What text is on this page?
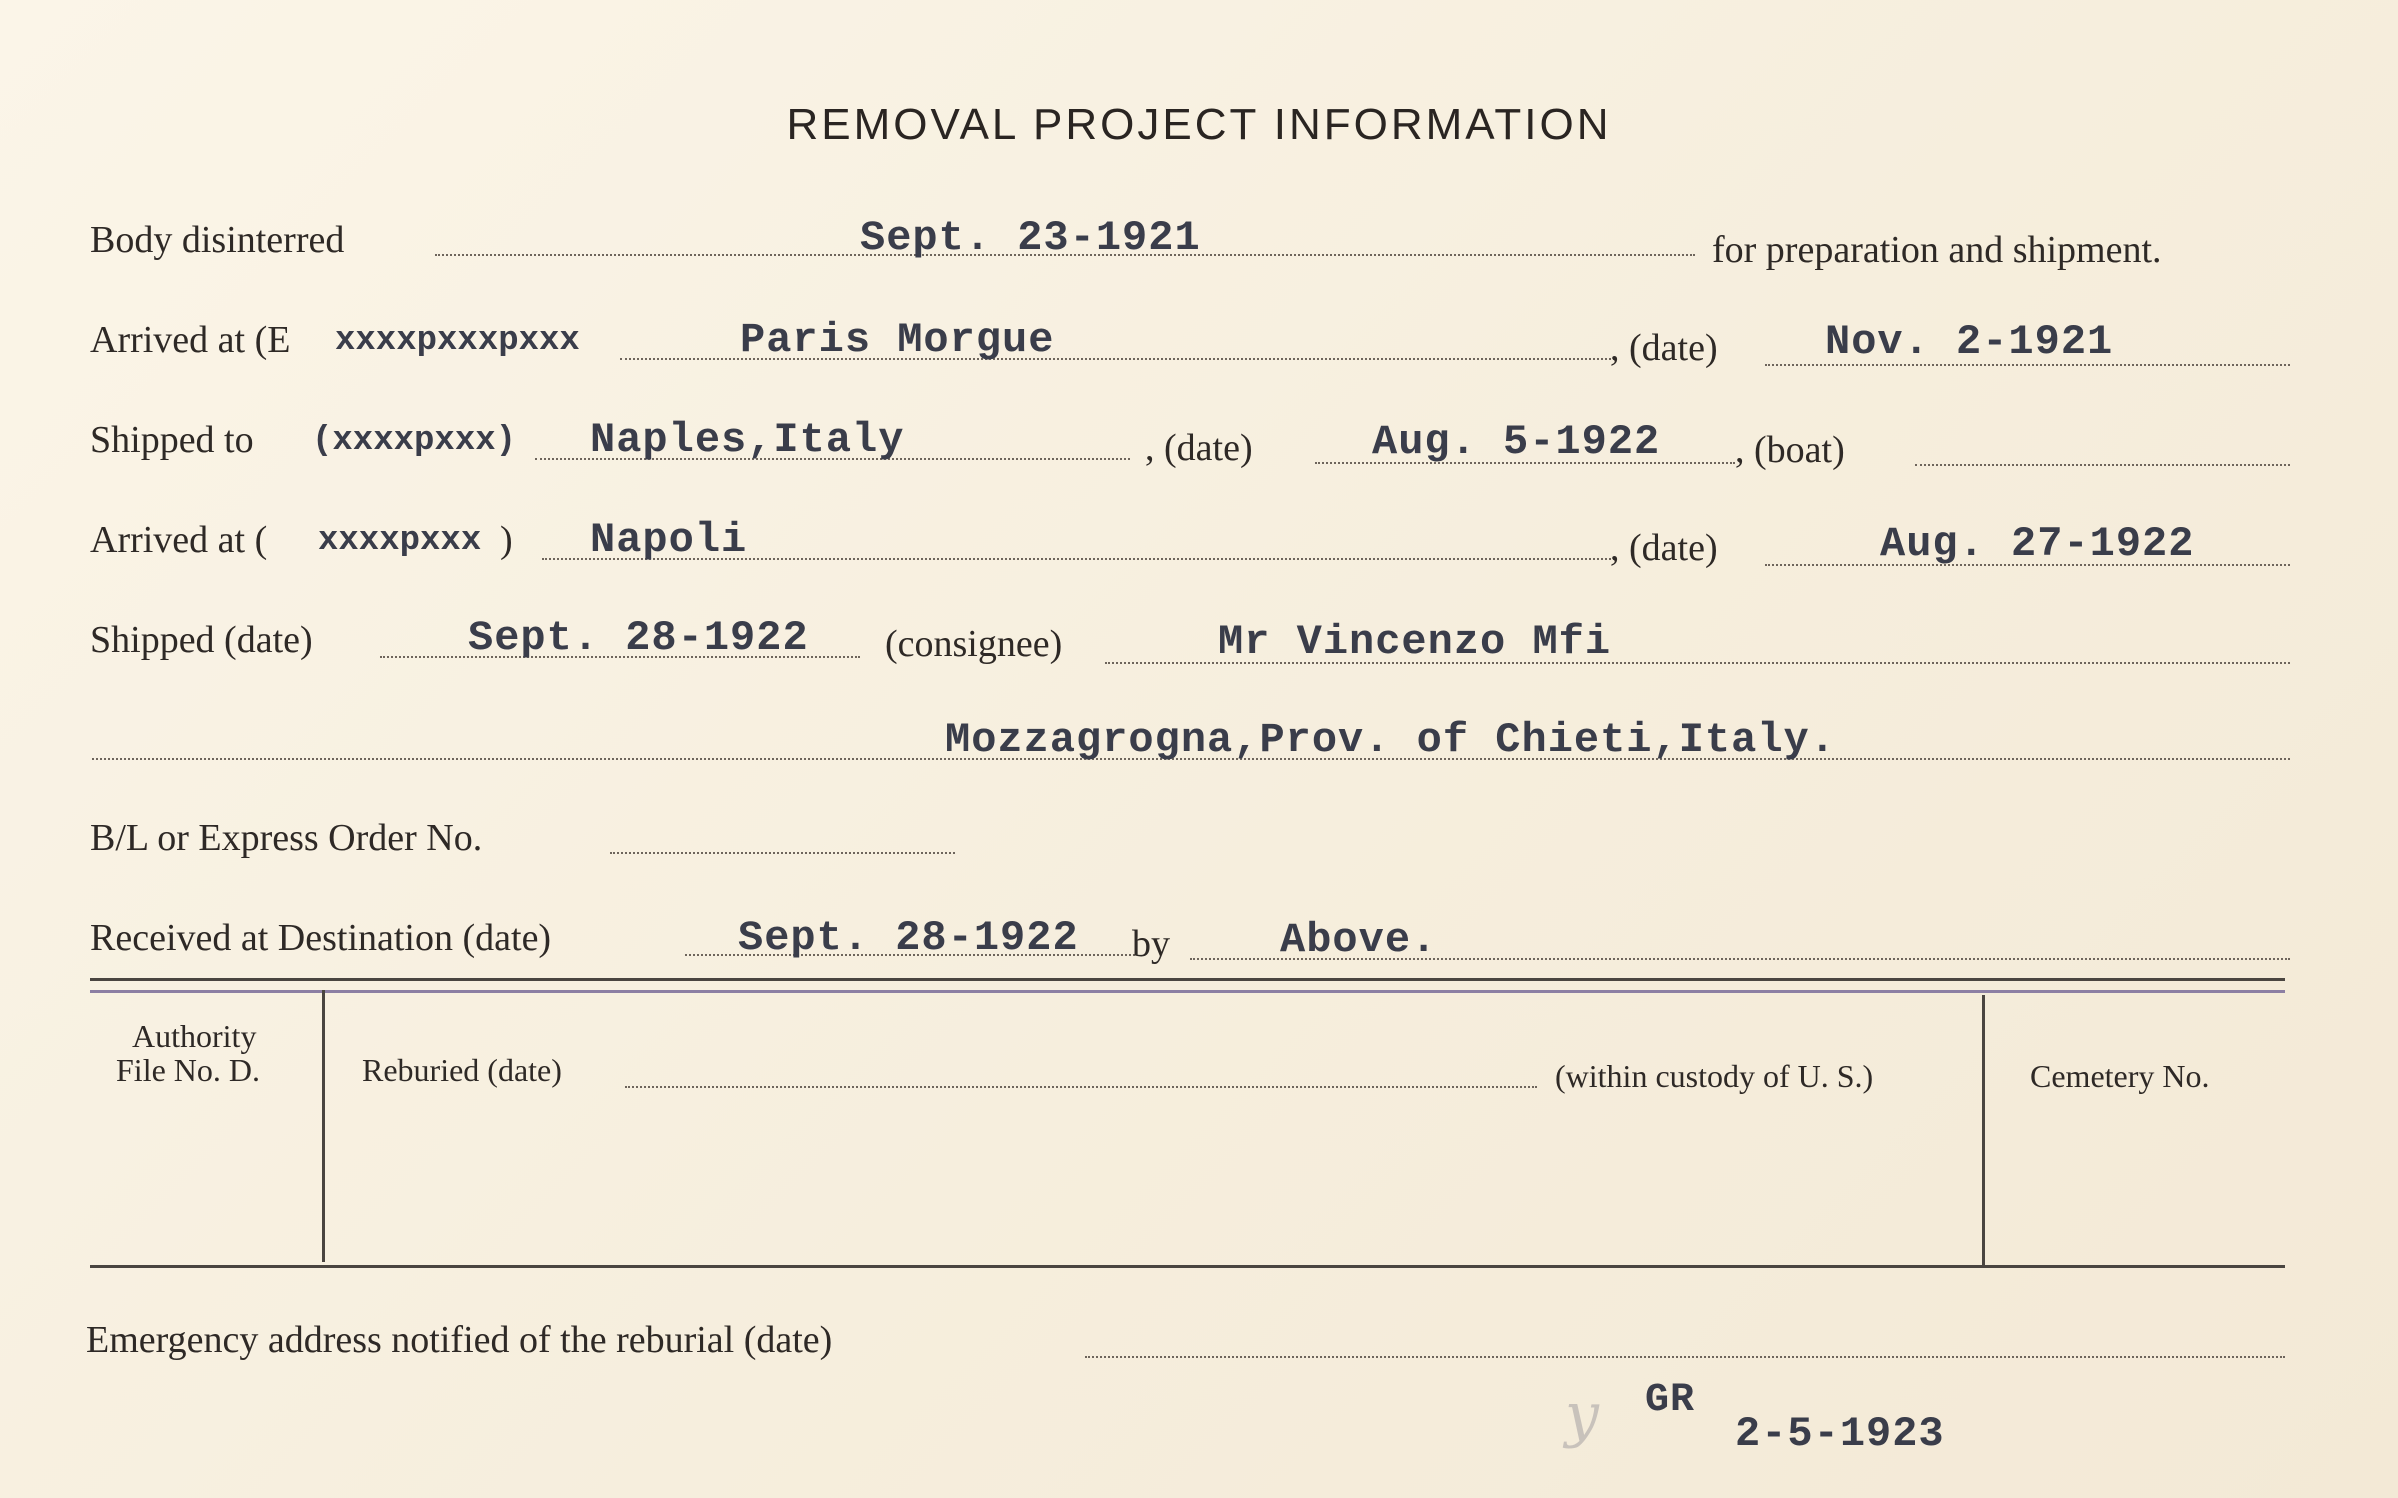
REMOVAL PROJECT INFORMATION
Body disinterred	Sept. 23-1921	for preparation and shipment.
Arrived at (E xxxxpxxxpxxx	Paris Morgue	, (date)	Nov. 2-1921
Shipped to (xxxxpxxx) Naples,Italy	, (date)	Aug. 5-1922 , (boat)
Arrived at ( xxxxpxxx ) Napoli	, (date)	Aug. 27-1922
Shipped (date)	Sept. 28-1922 (consignee)	Mr Vincenzo Mfi
Mozzagrogna,Prov. of Chieti,Italy.
B/L or Express Order No.
Received at Destination (date)	Sept. 28-1922 by	Above.
Authority
File No. D.	Reburied (date)	(within custody of U. S.)	Cemetery No.
Emergency address notified of the reburial (date)
y GR
2-5-1923
